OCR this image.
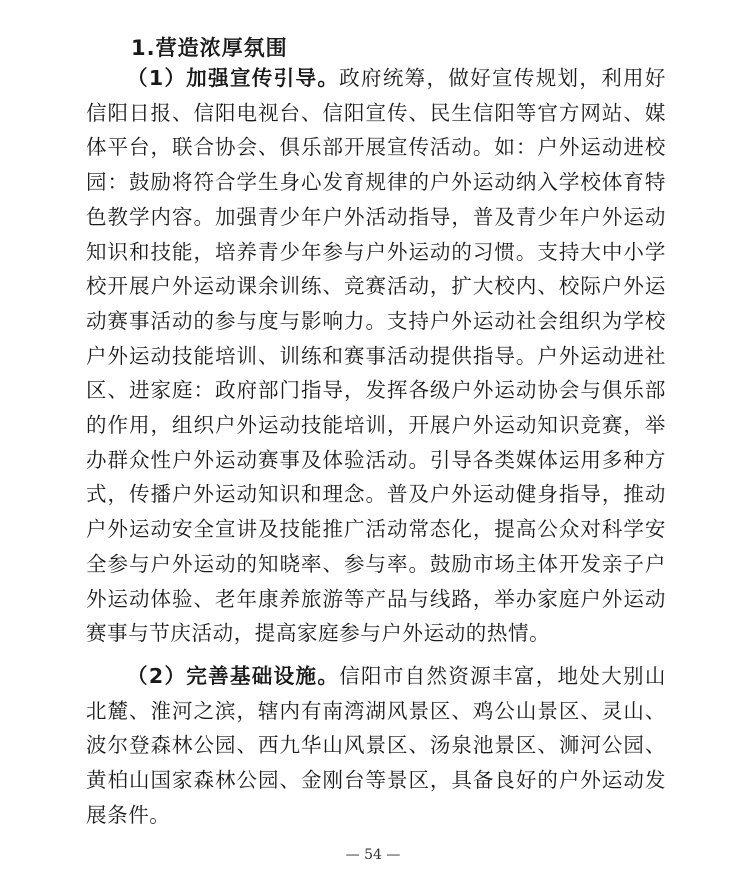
1.营造浓厚氛围

（1）加强宣传引导。政府统筹，做好宣传规划，利用好信阳日报、信阳电视台、信阳宣传、民生信阳等官方网站、媒体平台，联合协会、俱乐部开展宣传活动。如：户外运动进校园：鼓励将符合学生身心发育规律的户外运动纳入学校体育特色教学内容。加强青少年户外活动指导，普及青少年户外运动知识和技能，培养青少年参与户外运动的习惯。支持大中小学校开展户外运动课余训练、竞赛活动，扩大校内、校际户外运动赛事活动的参与度与影响力。支持户外运动社会组织为学校户外运动技能培训、训练和赛事活动提供指导。户外运动进社区、进家庭：政府部门指导，发挥各级户外运动协会与俱乐部的作用，组织户外运动技能培训，开展户外运动知识竞赛，举办群众性户外运动赛事及体验活动。引导各类媒体运用多种方式，传播户外运动知识和理念。普及户外运动健身指导，推动户外运动安全宣讲及技能推广活动常态化，提高公众对科学安全参与户外运动的知晓率、参与率。鼓励市场主体开发亲子户外运动体验、老年康养旅游等产品与线路，举办家庭户外运动赛事与节庆活动，提高家庭参与户外运动的热情。

（2）完善基础设施。信阳市自然资源丰富，地处大别山北麓、淮河之滨，辖内有南湾湖风景区、鸡公山景区、灵山、波尔登森林公园、西九华山风景区、汤泉池景区、浉河公园、黄柏山国家森林公园、金刚台等景区，具备良好的户外运动发展条件。

— 54 —
